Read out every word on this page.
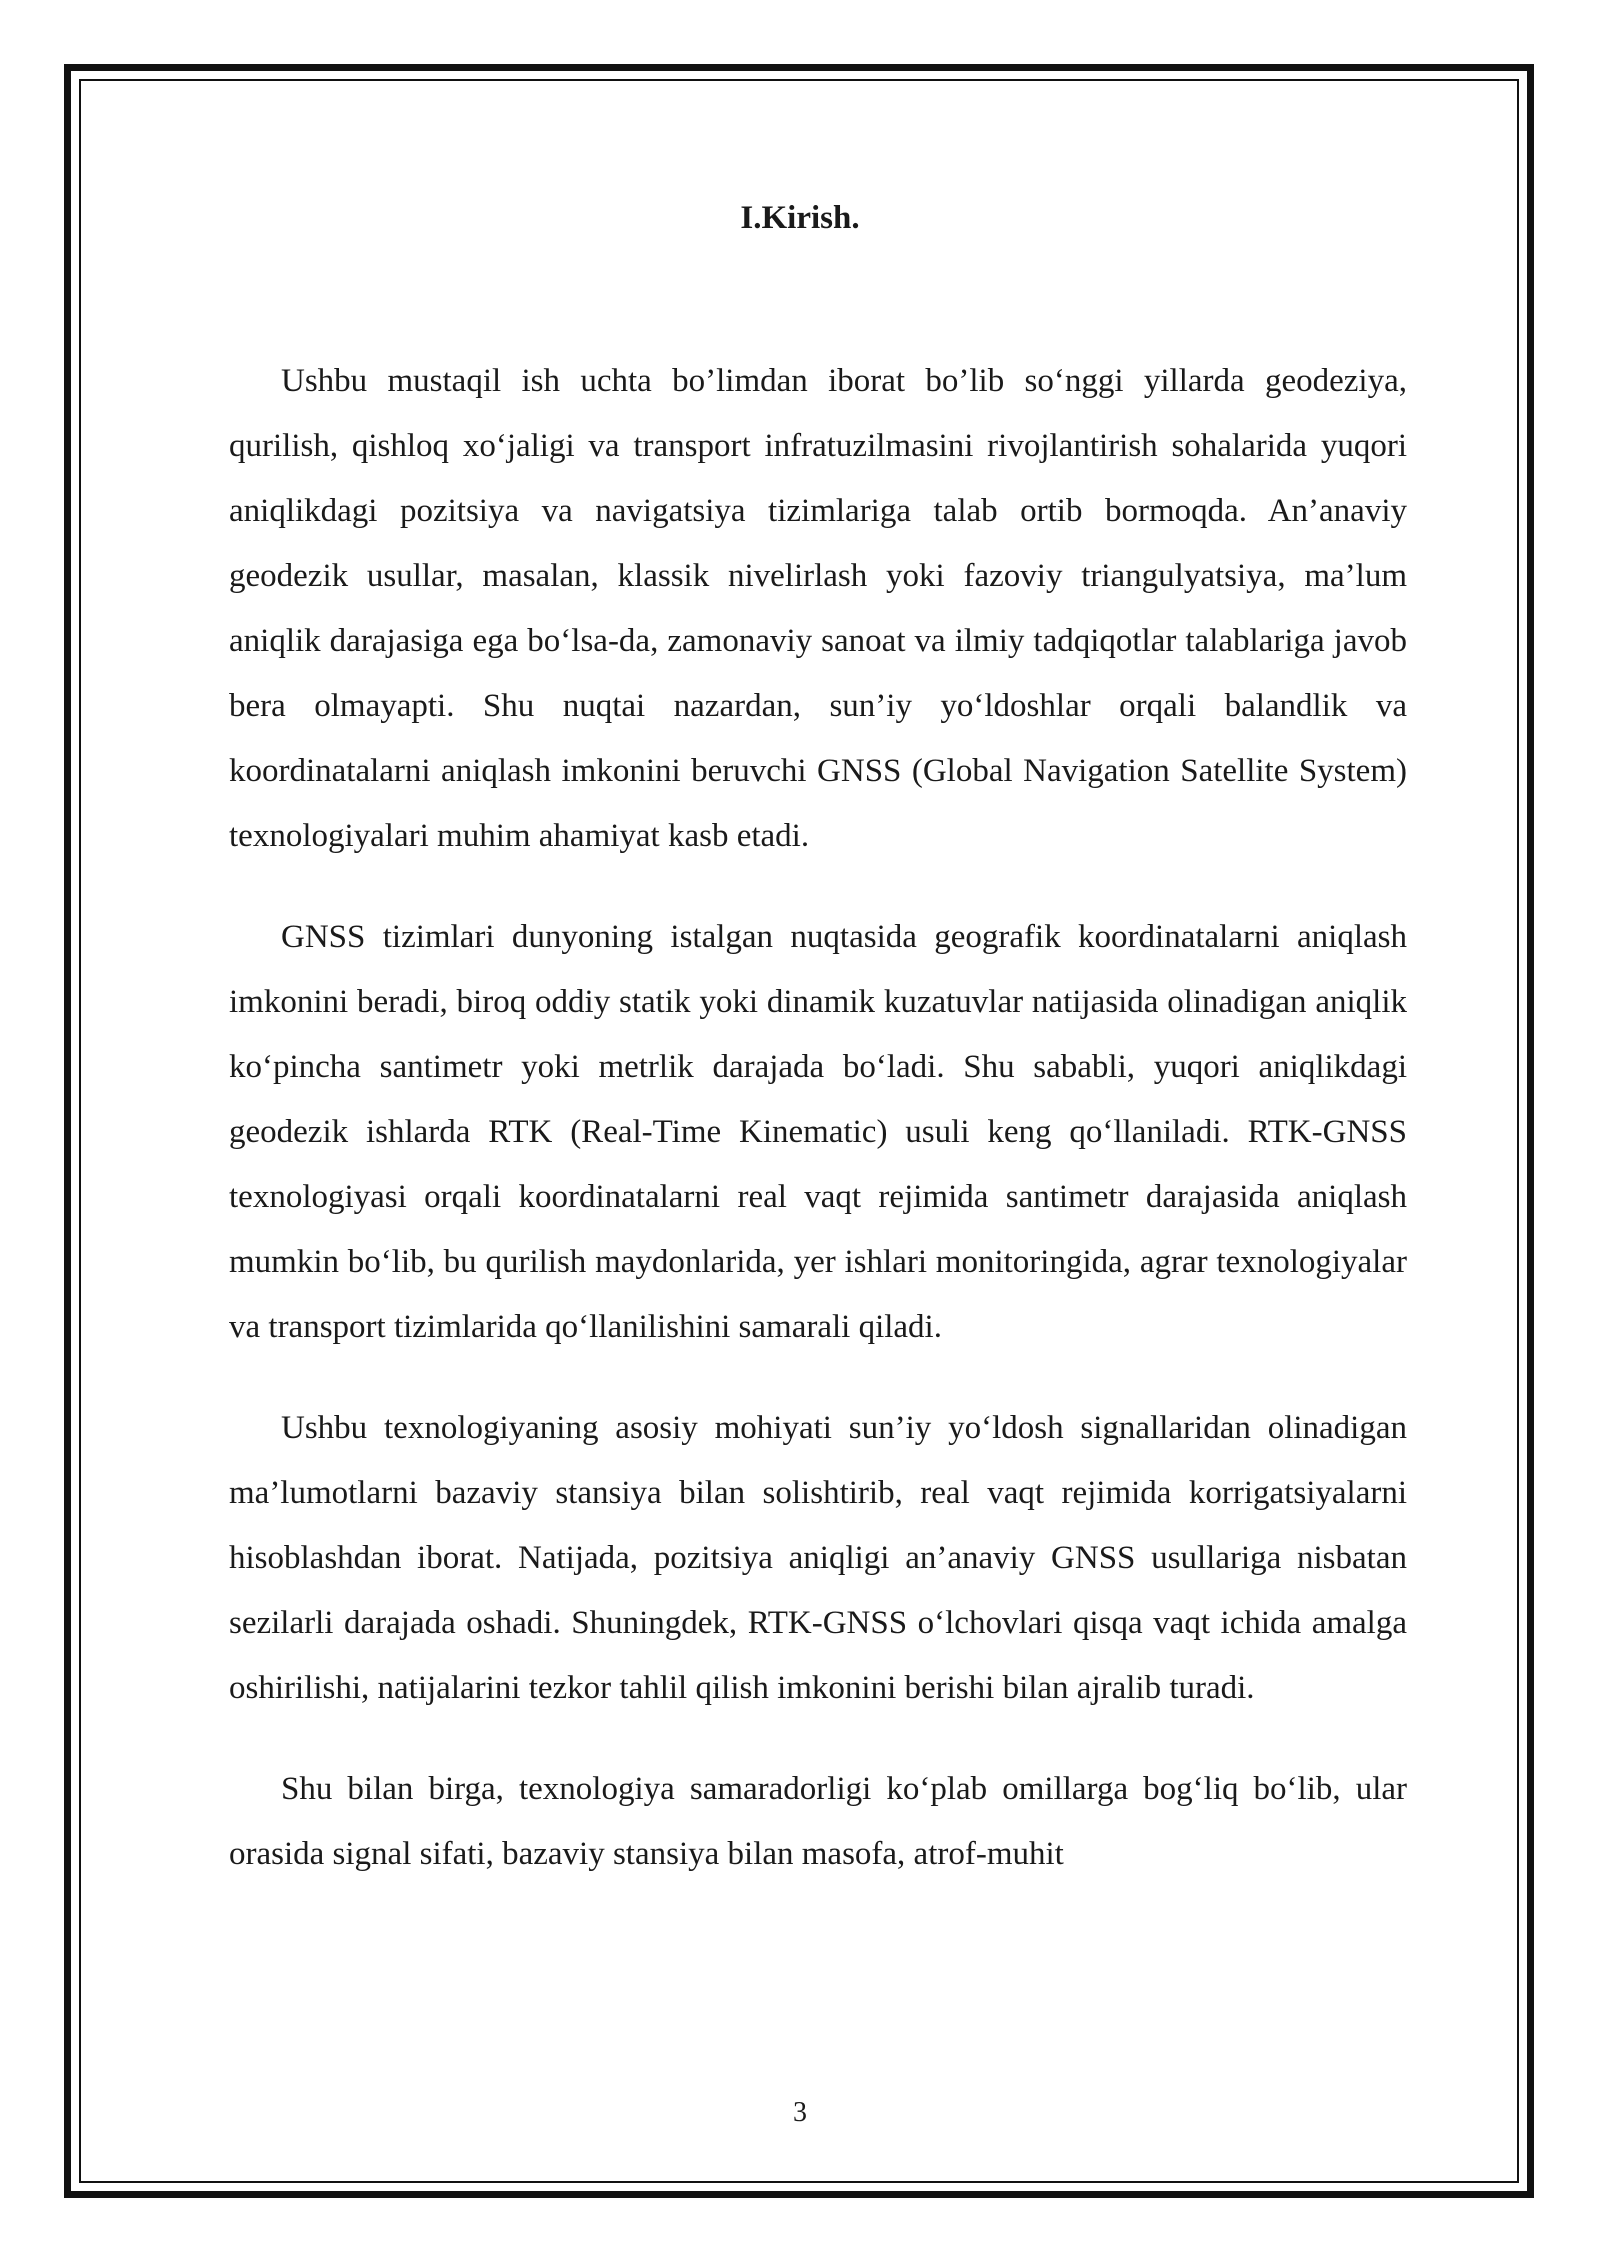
I.Kirish.

Ushbu mustaqil ish uchta bo’limdan iborat bo’lib so‘nggi yillarda geodeziya, qurilish, qishloq xo‘jaligi va transport infratuzilmasini rivojlantirish sohalarida yuqori aniqlikdagi pozitsiya va navigatsiya tizimlariga talab ortib bormoqda. An’anaviy geodezik usullar, masalan, klassik nivelirlash yoki fazoviy triangulyatsiya, ma’lum aniqlik darajasiga ega bo‘lsa-da, zamonaviy sanoat va ilmiy tadqiqotlar talablariga javob bera olmayapti. Shu nuqtai nazardan, sun’iy yo‘ldoshlar orqali balandlik va koordinatalarni aniqlash imkonini beruvchi GNSS (Global Navigation Satellite System) texnologiyalari muhim ahamiyat kasb etadi.

GNSS tizimlari dunyoning istalgan nuqtasida geografik koordinatalarni aniqlash imkonini beradi, biroq oddiy statik yoki dinamik kuzatuvlar natijasida olinadigan aniqlik ko‘pincha santimetr yoki metrlik darajada bo‘ladi. Shu sababli, yuqori aniqlikdagi geodezik ishlarda RTK (Real-Time Kinematic) usuli keng qo‘llaniladi. RTK-GNSS texnologiyasi orqali koordinatalarni real vaqt rejimida santimetr darajasida aniqlash mumkin bo‘lib, bu qurilish maydonlarida, yer ishlari monitoringida, agrar texnologiyalar va transport tizimlarida qo‘llanilishini samarali qiladi.

Ushbu texnologiyaning asosiy mohiyati sun’iy yo‘ldosh signallaridan olinadigan ma’lumotlarni bazaviy stansiya bilan solishtirib, real vaqt rejimida korrigatsiyalarni hisoblashdan iborat. Natijada, pozitsiya aniqligi an’anaviy GNSS usullariga nisbatan sezilarli darajada oshadi. Shuningdek, RTK-GNSS o‘lchovlari qisqa vaqt ichida amalga oshirilishi, natijalarini tezkor tahlil qilish imkonini berishi bilan ajralib turadi.

Shu bilan birga, texnologiya samaradorligi ko‘plab omillarga bog‘liq bo‘lib, ular orasida signal sifati, bazaviy stansiya bilan masofa, atrof-muhit

3
